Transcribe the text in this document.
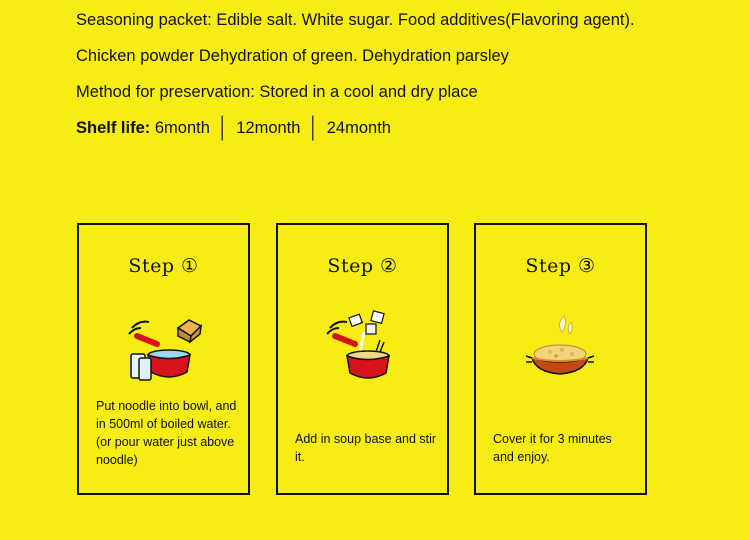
Seasoning packet: Edible salt. White sugar. Food additives(Flavoring agent).

Chicken powder Dehydration of green. Dehydration parsley

Method for preservation: Stored in a cool and dry place

Shelf life: 6month │ 12month │ 24month

Step ①
Put noodle into bowl, and in 500ml of boiled water.(or pour water just above noodle)
Step ②
Add in soup base and stir it.
Step ③
Cover it for 3 minutes and enjoy.
